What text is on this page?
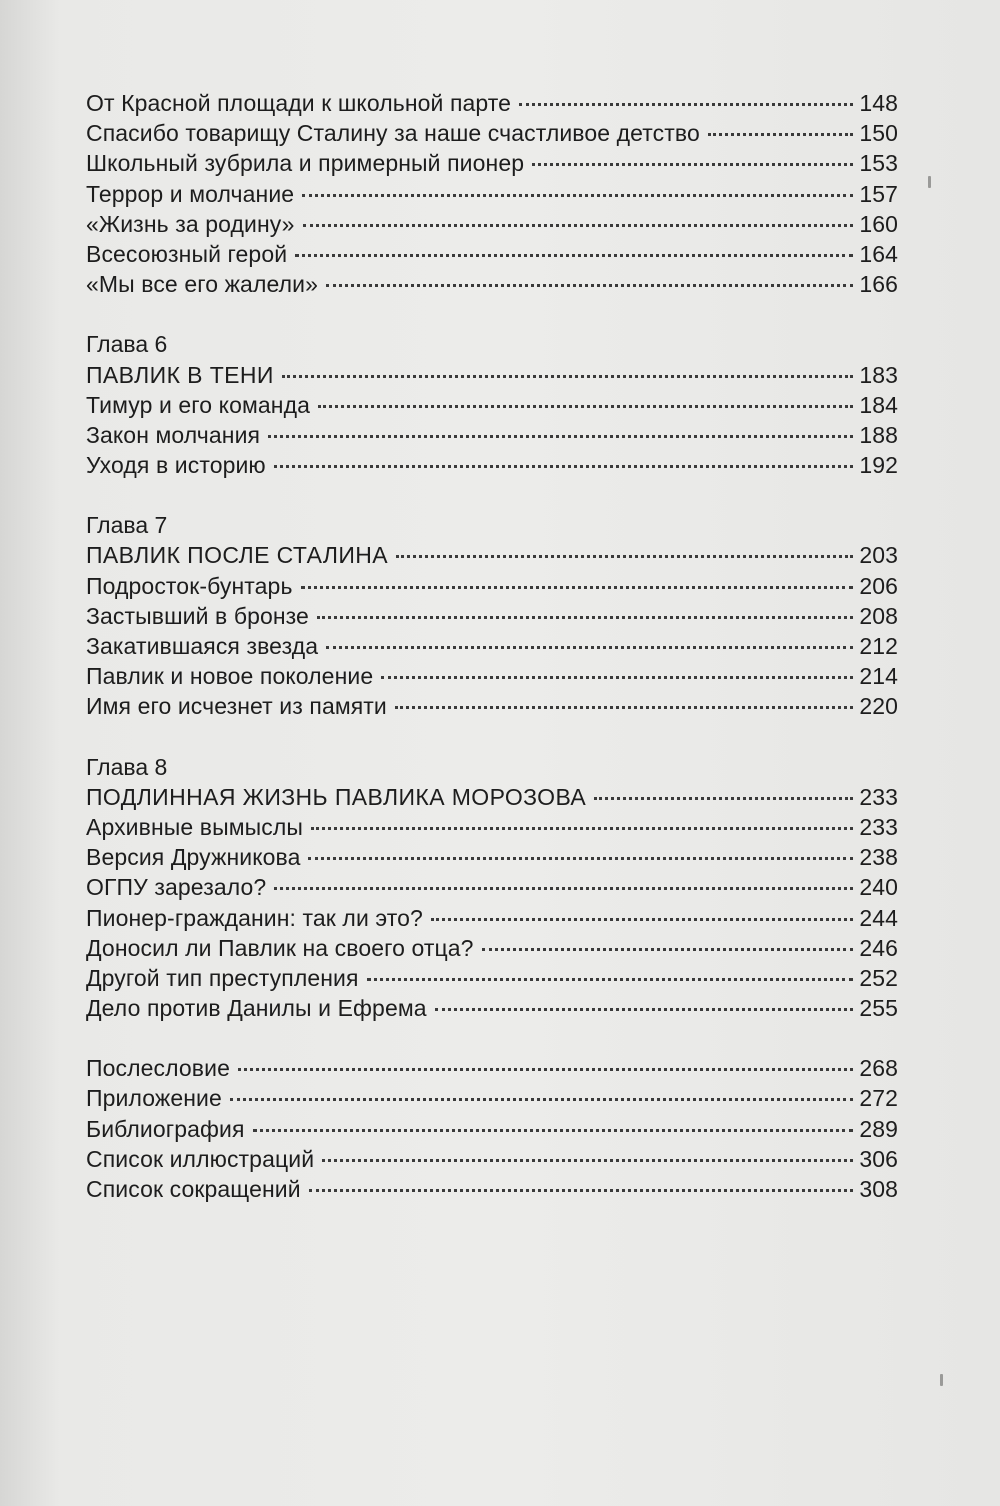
От Красной площади к школьной парте	148
Спасибо товарищу Сталину за наше счастливое детство	150
Школьный зубрила и примерный пионер	153
Террор и молчание	157
«Жизнь за родину»	160
Всесоюзный герой	164
«Мы все его жалели»	166
Глава 6
ПАВЛИК В ТЕНИ	183
Тимур и его команда	184
Закон молчания	188
Уходя в историю	192
Глава 7
ПАВЛИК ПОСЛЕ СТАЛИНА	203
Подросток-бунтарь	206
Застывший в бронзе	208
Закатившаяся звезда	212
Павлик и новое поколение	214
Имя его исчезнет из памяти	220
Глава 8
ПОДЛИННАЯ ЖИЗНЬ ПАВЛИКА МОРОЗОВА	233
Архивные вымыслы	233
Версия Дружникова	238
ОГПУ зарезало?	240
Пионер-гражданин: так ли это?	244
Доносил ли Павлик на своего отца?	246
Другой тип преступления	252
Дело против Данилы и Ефрема	255
Послесловие	268
Приложение	272
Библиография	289
Список иллюстраций	306
Список сокращений	308
